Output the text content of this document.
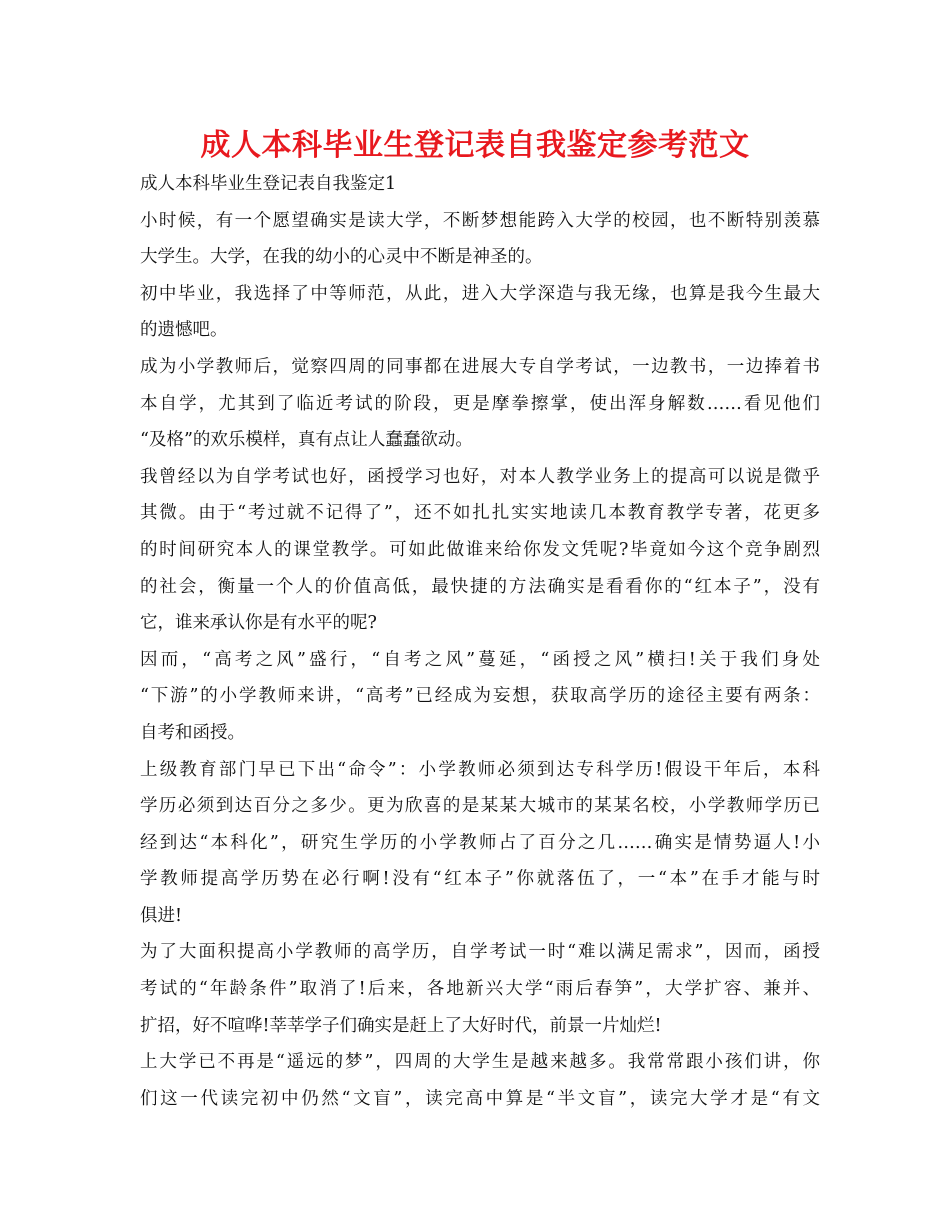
成人本科毕业生登记表自我鉴定参考范文
成人本科毕业生登记表自我鉴定1
小时候，有一个愿望确实是读大学，不断梦想能跨入大学的校园，也不断特别羡慕
大学生。大学，在我的幼小的心灵中不断是神圣的。
初中毕业，我选择了中等师范，从此，进入大学深造与我无缘，也算是我今生最大
的遗憾吧。
成为小学教师后，觉察四周的同事都在进展大专自学考试，一边教书，一边捧着书
本自学，尤其到了临近考试的阶段，更是摩拳擦掌，使出浑身解数……看见他们
“及格”的欢乐模样，真有点让人蠢蠢欲动。
我曾经以为自学考试也好，函授学习也好，对本人教学业务上的提高可以说是微乎
其微。由于“考过就不记得了”，还不如扎扎实实地读几本教育教学专著，花更多
的时间研究本人的课堂教学。可如此做谁来给你发文凭呢?毕竟如今这个竞争剧烈
的社会，衡量一个人的价值高低，最快捷的方法确实是看看你的“红本子”，没有
它，谁来承认你是有水平的呢?
因而，“高考之风”盛行，“自考之风”蔓延，“函授之风”横扫!关于我们身处
“下游”的小学教师来讲，“高考”已经成为妄想，获取高学历的途径主要有两条：
自考和函授。
上级教育部门早已下出“命令”：小学教师必须到达专科学历!假设干年后，本科
学历必须到达百分之多少。更为欣喜的是某某大城市的某某名校，小学教师学历已
经到达“本科化”，研究生学历的小学教师占了百分之几……确实是情势逼人!小
学教师提高学历势在必行啊!没有“红本子”你就落伍了，一“本”在手才能与时
俱进!
为了大面积提高小学教师的高学历，自学考试一时“难以满足需求”，因而，函授
考试的“年龄条件”取消了!后来，各地新兴大学“雨后春笋”，大学扩容、兼并、
扩招，好不喧哗!莘莘学子们确实是赶上了大好时代，前景一片灿烂!
上大学已不再是“遥远的梦”，四周的大学生是越来越多。我常常跟小孩们讲，你
们这一代读完初中仍然“文盲”，读完高中算是“半文盲”，读完大学才是“有文
